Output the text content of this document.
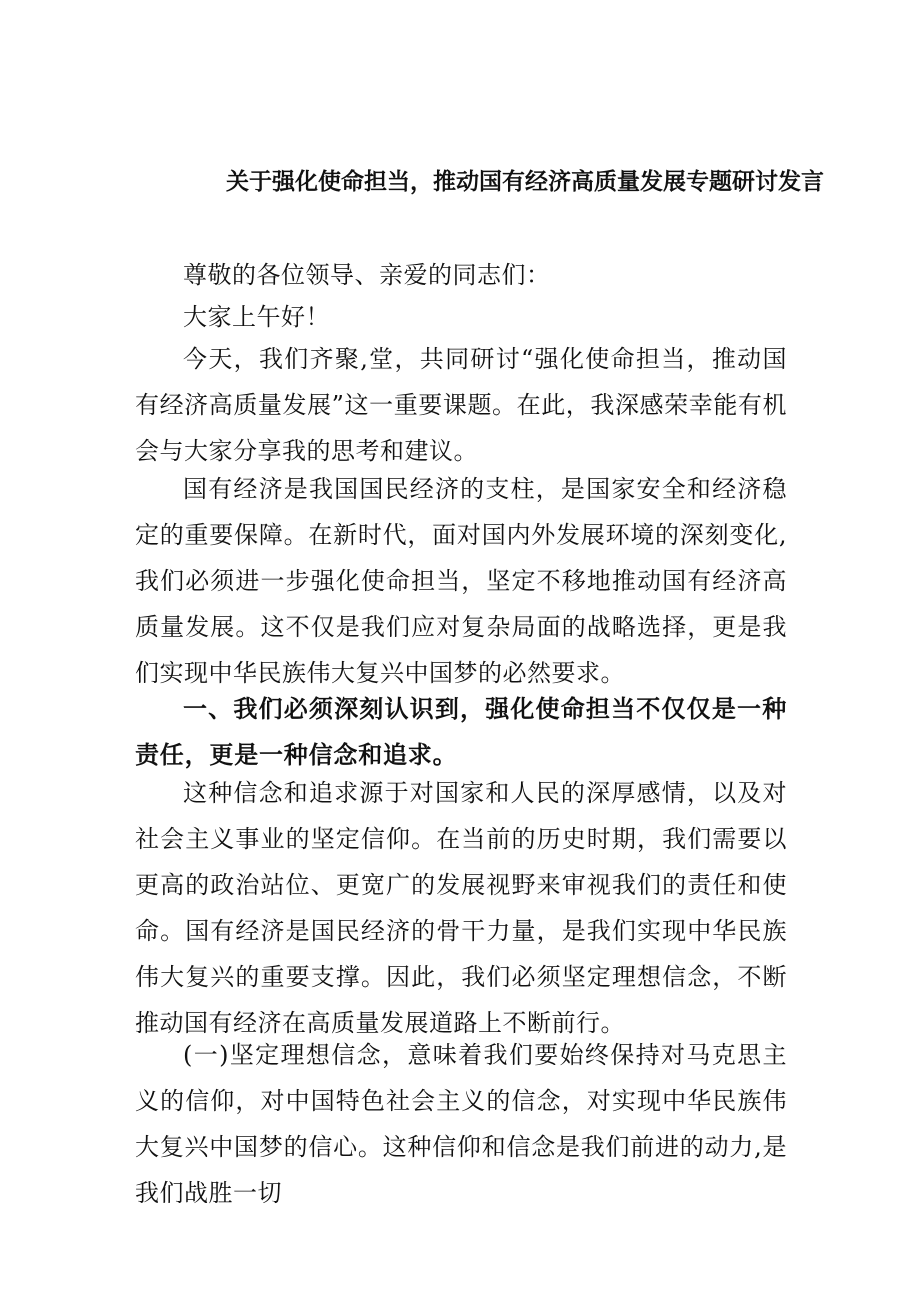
关于强化使命担当，推动国有经济高质量发展专题研讨发言

尊敬的各位领导、亲爱的同志们：

大家上午好！

今天，我们齐聚,堂，共同研讨“强化使命担当，推动国有经济高质量发展”这一重要课题。在此，我深感荣幸能有机会与大家分享我的思考和建议。

国有经济是我国国民经济的支柱，是国家安全和经济稳定的重要保障。在新时代，面对国内外发展环境的深刻变化,我们必须进一步强化使命担当，坚定不移地推动国有经济高质量发展。这不仅是我们应对复杂局面的战略选择，更是我们实现中华民族伟大复兴中国梦的必然要求。

一、我们必须深刻认识到，强化使命担当不仅仅是一种责任，更是一种信念和追求。

这种信念和追求源于对国家和人民的深厚感情，以及对社会主义事业的坚定信仰。在当前的历史时期，我们需要以更高的政治站位、更宽广的发展视野来审视我们的责任和使命。国有经济是国民经济的骨干力量，是我们实现中华民族伟大复兴的重要支撑。因此，我们必须坚定理想信念，不断推动国有经济在高质量发展道路上不断前行。

(一)坚定理想信念，意味着我们要始终保持对马克思主义的信仰，对中国特色社会主义的信念，对实现中华民族伟大复兴中国梦的信心。这种信仰和信念是我们前进的动力,是我们战胜一切
